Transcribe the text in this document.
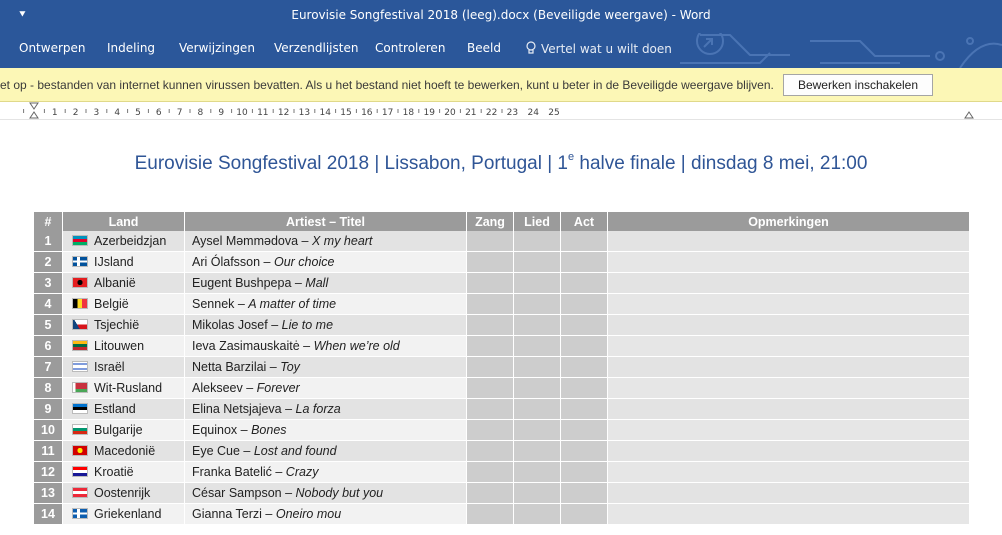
⯆	Eurovisie Songfestival 2018 (leeg).docx (Beveiligde weergave) - Word
Ontwerpen Indeling Verwijzingen Verzendlijsten Controleren Beeld	Vertel wat u wilt doen
et op - bestanden van internet kunnen virussen bevatten. Als u het bestand niet hoeft te bewerken, kunt u beter in de Beveiligde weergave blijven.	Bewerken inschakelen
1 2 3 4 5 6 7 8 9 10 11 12 13 14 15 16 17 18 19 20 21 22 23 24 25
Eurovisie Songfestival 2018 | Lissabon, Portugal | 1e halve finale | dinsdag 8 mei, 21:00
#	Land	Artiest – Titel	Zang	Lied	Act	Opmerkingen
1	Azerbeidzjan	Aysel Məmmədova – X my heart				
2	IJsland	Ari Ólafsson – Our choice				
3	Albanië	Eugent Bushpepa – Mall				
4	België	Sennek – A matter of time				
5	Tsjechië	Mikolas Josef – Lie to me				
6	Litouwen	Ieva Zasimauskaitė – When we’re old				
7	Israël	Netta Barzilai – Toy				
8	Wit-Rusland	Alekseev – Forever				
9	Estland	Elina Netsjajeva – La forza				
10	Bulgarije	Equinox – Bones				
11	Macedonië	Eye Cue – Lost and found				
12	Kroatië	Franka Batelić – Crazy				
13	Oostenrijk	César Sampson – Nobody but you				
14	Griekenland	Gianna Terzi – Oneiro mou				
